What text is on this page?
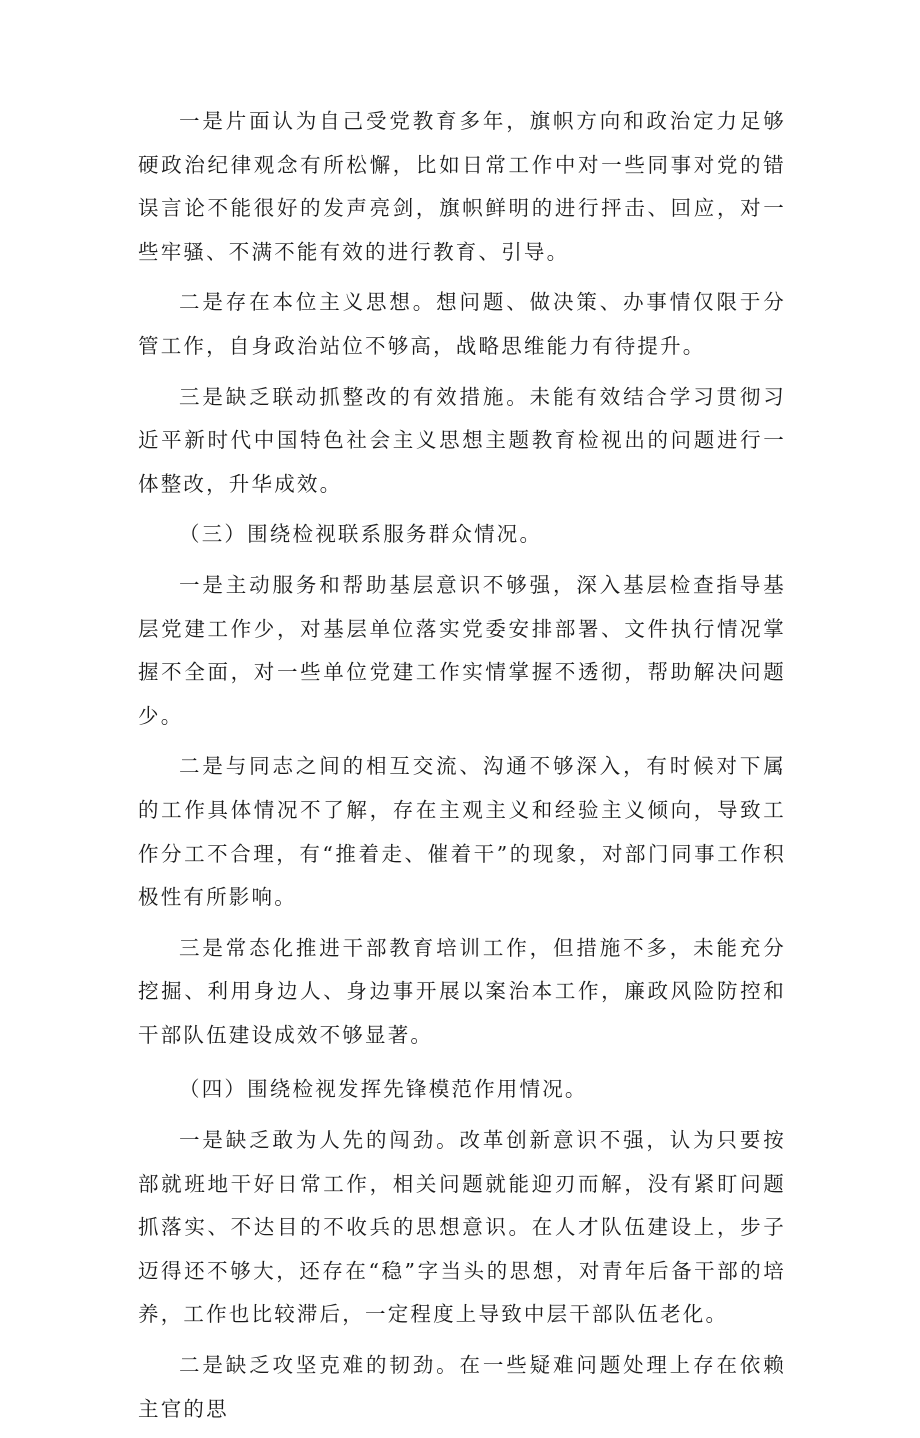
一是片面认为自己受党教育多年，旗帜方向和政治定力足够硬政治纪律观念有所松懈，比如日常工作中对一些同事对党的错误言论不能很好的发声亮剑，旗帜鲜明的进行抨击、回应，对一些牢骚、不满不能有效的进行教育、引导。

二是存在本位主义思想。想问题、做决策、办事情仅限于分管工作，自身政治站位不够高，战略思维能力有待提升。

三是缺乏联动抓整改的有效措施。未能有效结合学习贯彻习近平新时代中国特色社会主义思想主题教育检视出的问题进行一体整改，升华成效。

（三）围绕检视联系服务群众情况。

一是主动服务和帮助基层意识不够强，深入基层检查指导基层党建工作少，对基层单位落实党委安排部署、文件执行情况掌握不全面，对一些单位党建工作实情掌握不透彻，帮助解决问题少。

二是与同志之间的相互交流、沟通不够深入，有时候对下属的工作具体情况不了解，存在主观主义和经验主义倾向，导致工作分工不合理，有“推着走、催着干”的现象，对部门同事工作积极性有所影响。

三是常态化推进干部教育培训工作，但措施不多，未能充分挖掘、利用身边人、身边事开展以案治本工作，廉政风险防控和干部队伍建设成效不够显著。

（四）围绕检视发挥先锋模范作用情况。

一是缺乏敢为人先的闯劲。改革创新意识不强，认为只要按部就班地干好日常工作，相关问题就能迎刃而解，没有紧盯问题抓落实、不达目的不收兵的思想意识。在人才队伍建设上，步子迈得还不够大，还存在“稳”字当头的思想，对青年后备干部的培养，工作也比较滞后，一定程度上导致中层干部队伍老化。

二是缺乏攻坚克难的韧劲。在一些疑难问题处理上存在依赖主官的思
